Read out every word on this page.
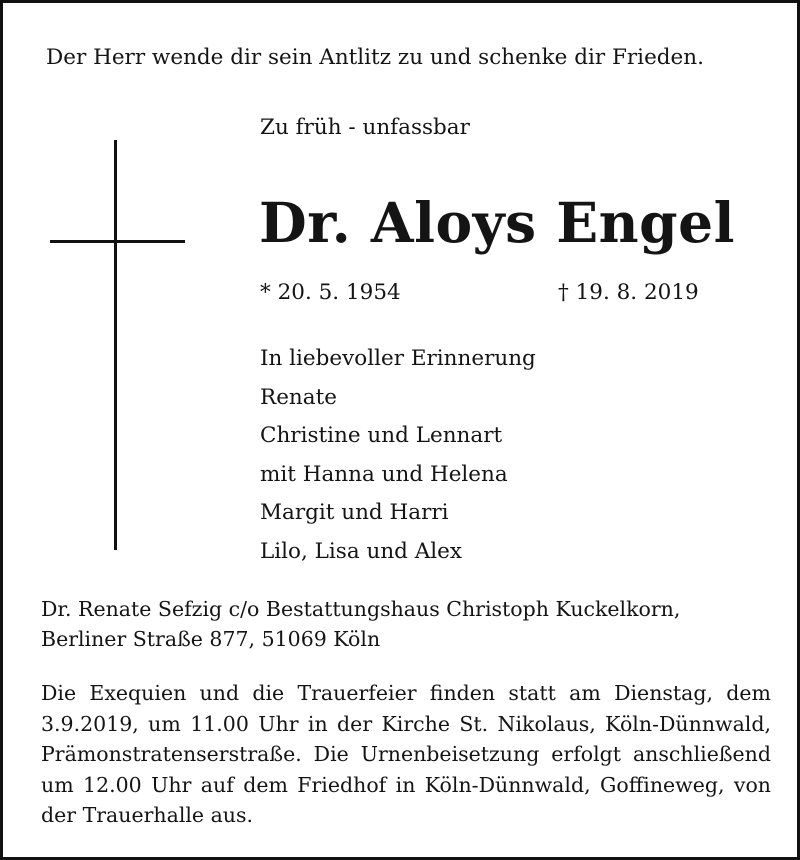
Der Herr wende dir sein Antlitz zu und schenke dir Frieden.

Zu früh - unfassbar

Dr. Aloys Engel

* 20. 5. 1954	† 19. 8. 2019

In liebevoller Erinnerung
Renate
Christine und Lennart
mit Hanna und Helena
Margit und Harri
Lilo, Lisa und Alex
Dr. Renate Sefzig c/o Bestattungshaus Christoph Kuckelkorn,
Berliner Straße 877, 51069 Köln

Die Exequien und die Trauerfeier finden statt am Dienstag, dem 3.9.2019, um 11.00 Uhr in der Kirche St. Nikolaus, Köln-Dünnwald, Prämonstratenserstraße. Die Urnenbeisetzung erfolgt anschließend um 12.00 Uhr auf dem Friedhof in Köln-Dünnwald, Goffineweg, von der Trauerhalle aus.
